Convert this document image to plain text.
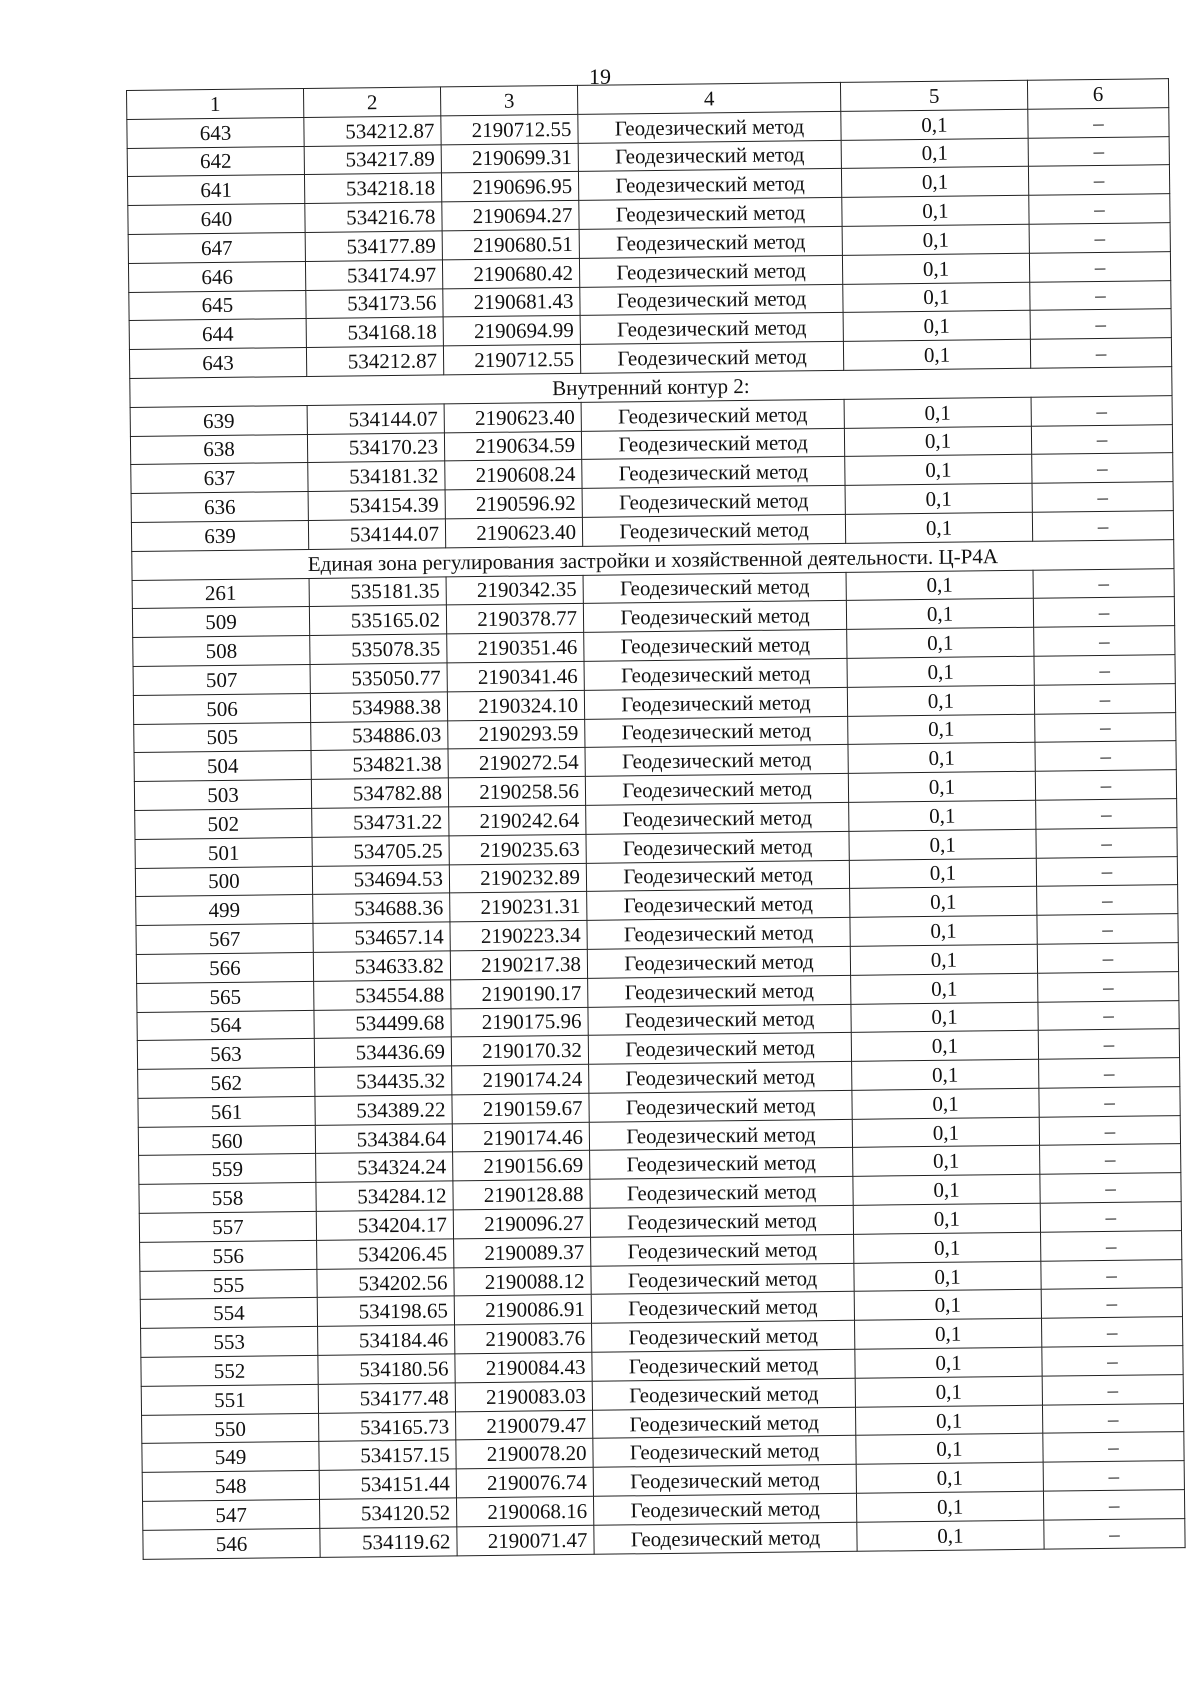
19
1	2	3	4	5	6
643	534212.87	2190712.55	Геодезический метод	0,1	–
642	534217.89	2190699.31	Геодезический метод	0,1	–
641	534218.18	2190696.95	Геодезический метод	0,1	–
640	534216.78	2190694.27	Геодезический метод	0,1	–
647	534177.89	2190680.51	Геодезический метод	0,1	–
646	534174.97	2190680.42	Геодезический метод	0,1	–
645	534173.56	2190681.43	Геодезический метод	0,1	–
644	534168.18	2190694.99	Геодезический метод	0,1	–
643	534212.87	2190712.55	Геодезический метод	0,1	–
Внутренний контур 2:					
639	534144.07	2190623.40	Геодезический метод	0,1	–
638	534170.23	2190634.59	Геодезический метод	0,1	–
637	534181.32	2190608.24	Геодезический метод	0,1	–
636	534154.39	2190596.92	Геодезический метод	0,1	–
639	534144.07	2190623.40	Геодезический метод	0,1	–
Единая зона регулирования застройки и хозяйственной деятельности. Ц-Р4А					
261	535181.35	2190342.35	Геодезический метод	0,1	–
509	535165.02	2190378.77	Геодезический метод	0,1	–
508	535078.35	2190351.46	Геодезический метод	0,1	–
507	535050.77	2190341.46	Геодезический метод	0,1	–
506	534988.38	2190324.10	Геодезический метод	0,1	–
505	534886.03	2190293.59	Геодезический метод	0,1	–
504	534821.38	2190272.54	Геодезический метод	0,1	–
503	534782.88	2190258.56	Геодезический метод	0,1	–
502	534731.22	2190242.64	Геодезический метод	0,1	–
501	534705.25	2190235.63	Геодезический метод	0,1	–
500	534694.53	2190232.89	Геодезический метод	0,1	–
499	534688.36	2190231.31	Геодезический метод	0,1	–
567	534657.14	2190223.34	Геодезический метод	0,1	–
566	534633.82	2190217.38	Геодезический метод	0,1	–
565	534554.88	2190190.17	Геодезический метод	0,1	–
564	534499.68	2190175.96	Геодезический метод	0,1	–
563	534436.69	2190170.32	Геодезический метод	0,1	–
562	534435.32	2190174.24	Геодезический метод	0,1	–
561	534389.22	2190159.67	Геодезический метод	0,1	–
560	534384.64	2190174.46	Геодезический метод	0,1	–
559	534324.24	2190156.69	Геодезический метод	0,1	–
558	534284.12	2190128.88	Геодезический метод	0,1	–
557	534204.17	2190096.27	Геодезический метод	0,1	–
556	534206.45	2190089.37	Геодезический метод	0,1	–
555	534202.56	2190088.12	Геодезический метод	0,1	–
554	534198.65	2190086.91	Геодезический метод	0,1	–
553	534184.46	2190083.76	Геодезический метод	0,1	–
552	534180.56	2190084.43	Геодезический метод	0,1	–
551	534177.48	2190083.03	Геодезический метод	0,1	–
550	534165.73	2190079.47	Геодезический метод	0,1	–
549	534157.15	2190078.20	Геодезический метод	0,1	–
548	534151.44	2190076.74	Геодезический метод	0,1	–
547	534120.52	2190068.16	Геодезический метод	0,1	–
546	534119.62	2190071.47	Геодезический метод	0,1	–
